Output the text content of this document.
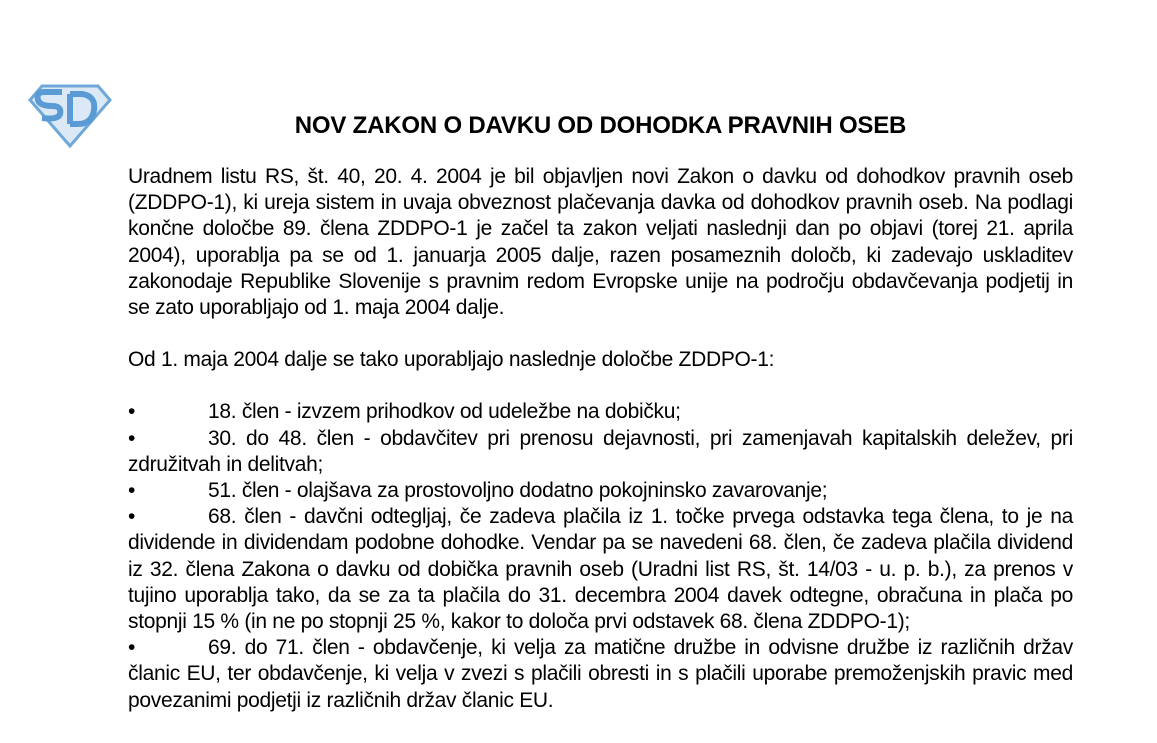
NOV ZAKON O DAVKU OD DOHODKA PRAVNIH OSEB

Uradnem listu RS, št. 40, 20. 4. 2004 je bil objavljen novi Zakon o davku od dohodkov pravnih oseb (ZDDPO-1), ki ureja sistem in uvaja obveznost plačevanja davka od dohodkov pravnih oseb. Na podlagi končne določbe 89. člena ZDDPO-1 je začel ta zakon veljati naslednji dan po objavi (torej 21. aprila 2004), uporablja pa se od 1. januarja 2005 dalje, razen posameznih določb, ki zadevajo uskladitev zakonodaje Republike Slovenije s pravnim redom Evropske unije na področju obdavčevanja podjetij in se zato uporabljajo od 1. maja 2004 dalje.

Od 1. maja 2004 dalje se tako uporabljajo naslednje določbe ZDDPO-1:

•	18. člen - izvzem prihodkov od udeležbe na dobičku;

•	30. do 48. člen - obdavčitev pri prenosu dejavnosti, pri zamenjavah kapitalskih deležev, pri združitvah in delitvah;

•	51. člen - olajšava za prostovoljno dodatno pokojninsko zavarovanje;

•	68. člen - davčni odtegljaj, če zadeva plačila iz 1. točke prvega odstavka tega člena, to je na dividende in dividendam podobne dohodke. Vendar pa se navedeni 68. člen, če zadeva plačila dividend iz 32. člena Zakona o davku od dobička pravnih oseb (Uradni list RS, št. 14/03 - u. p. b.), za prenos v tujino uporablja tako, da se za ta plačila do 31. decembra 2004 davek odtegne, obračuna in plača po stopnji 15 % (in ne po stopnji 25 %, kakor to določa prvi odstavek 68. člena ZDDPO-1);

•	69. do 71. člen - obdavčenje, ki velja za matične družbe in odvisne družbe iz različnih držav članic EU, ter obdavčenje, ki velja v zvezi s plačili obresti in s plačili uporabe premoženjskih pravic med povezanimi podjetji iz različnih držav članic EU.
